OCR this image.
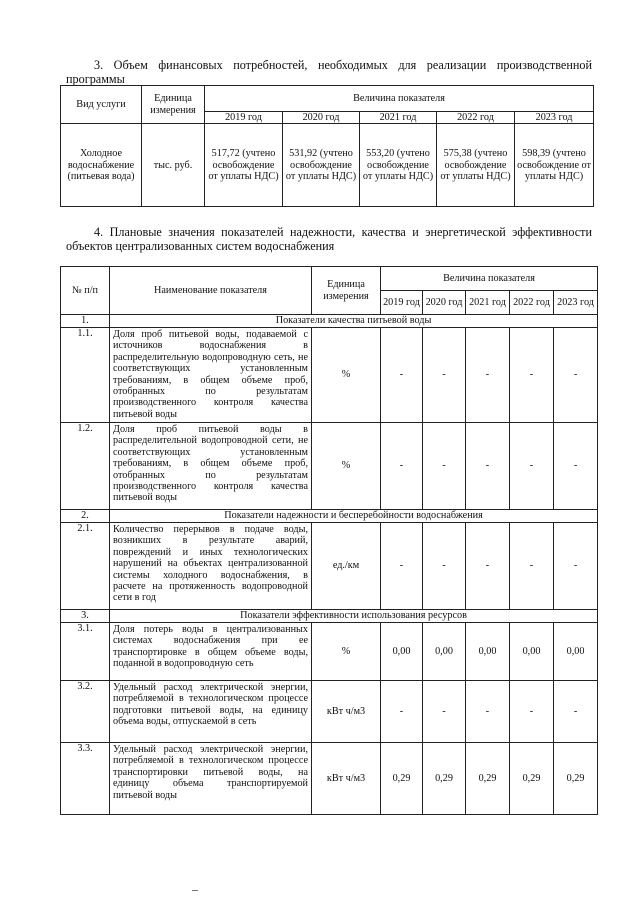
3. Объем финансовых потребностей, необходимых для реализации производственной программы
Вид услуги	Единица измерения	Величина показателя				
		2019 год	2020 год	2021 год	2022 год	2023 год
Холодное водоснабжение (питьевая вода)	тыс. руб.	517,72 (учтено освобождение от уплаты НДС)	531,92 (учтено освобождение от уплаты НДС)	553,20 (учтено освобождение от уплаты НДС)	575,38 (учтено освобождение от уплаты НДС)	598,39 (учтено освобождение от уплаты НДС)
4. Плановые значения показателей надежности, качества и энергетической эффективности объектов централизованных систем водоснабжения
№ п/п	Наименование показателя	Единица измерения	Величина показателя				
			2019 год	2020 год	2021 год	2022 год	2023 год
1.	Показатели качества питьевой воды						
1.1.	Доля проб питьевой воды, подаваемой с источников водоснабжения в распределительную водопроводную сеть, не соответствующих установленным требованиям, в общем объеме проб, отобранных по результатам производственного контроля качества питьевой воды	%	-	-	-	-	-
1.2.	Доля проб питьевой воды в распределительной водопроводной сети, не соответствующих установленным требованиям, в общем объеме проб, отобранных по результатам производственного контроля качества питьевой воды	%	-	-	-	-	-
2.	Показатели надежности и бесперебойности водоснабжения						
2.1.	Количество перерывов в подаче воды, возникших в результате аварий, повреждений и иных технологических нарушений на объектах централизованной системы холодного водоснабжения, в расчете на протяженность водопроводной сети в год	ед./км	-	-	-	-	-
3.	Показатели эффективности использования ресурсов						
3.1.	Доля потерь воды в централизованных системах водоснабжения при ее транспортировке в общем объеме воды, поданной в водопроводную сеть	%	0,00	0,00	0,00	0,00	0,00
3.2.	Удельный расход электрической энергии, потребляемой в технологическом процессе подготовки питьевой воды, на единицу объема воды, отпускаемой в сеть	кВт ч/м3	-	-	-	-	-
3.3.	Удельный расход электрической энергии, потребляемой в технологическом процессе транспортировки питьевой воды, на единицу объема транспортируемой питьевой воды	кВт ч/м3	0,29	0,29	0,29	0,29	0,29
